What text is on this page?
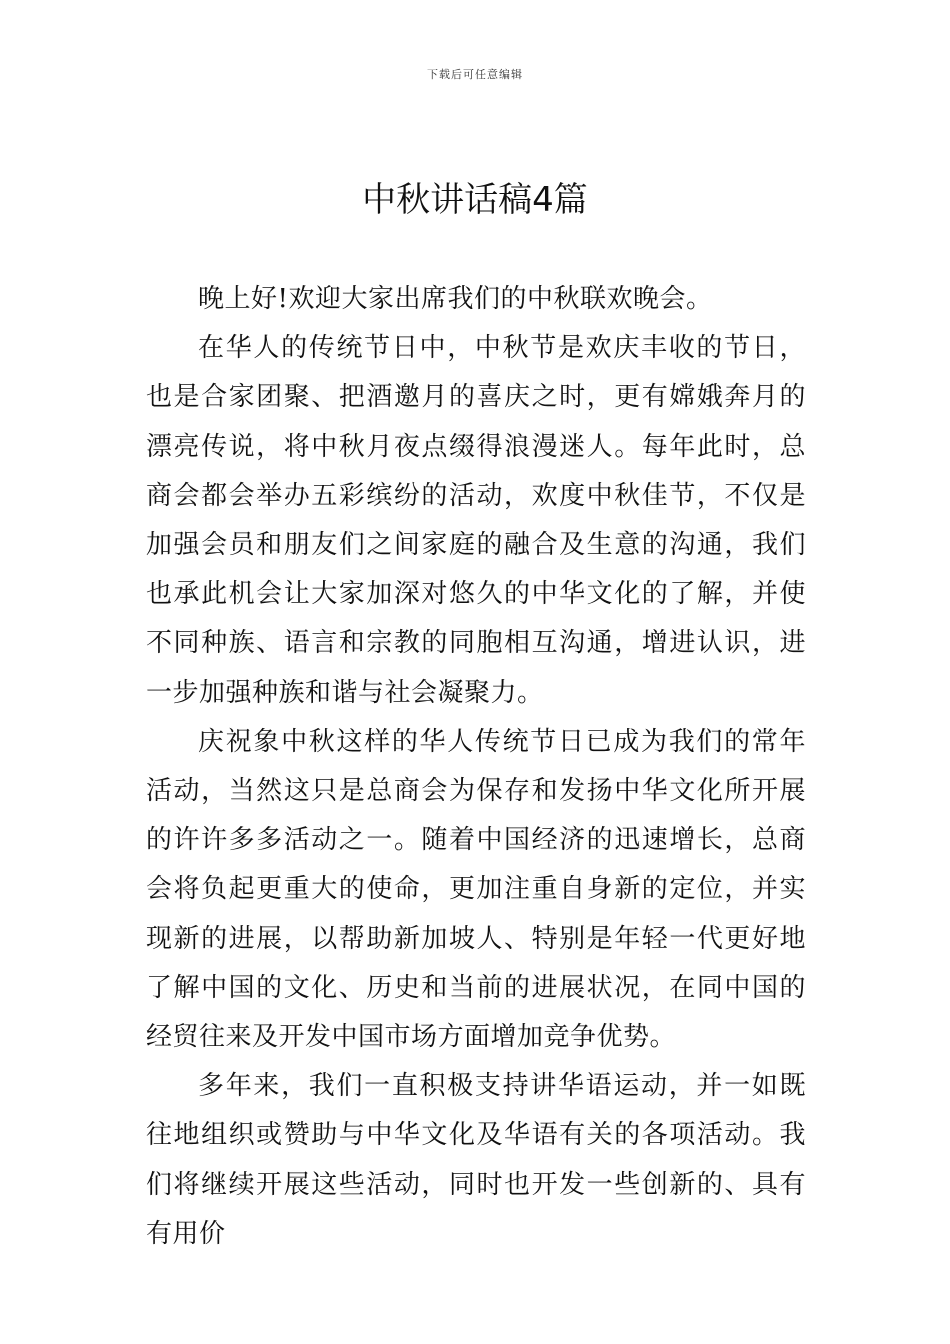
下载后可任意编辑
中秋讲话稿4篇

晚上好!欢迎大家出席我们的中秋联欢晚会。

在华人的传统节日中，中秋节是欢庆丰收的节日，也是合家团聚、把酒邀月的喜庆之时，更有嫦娥奔月的漂亮传说，将中秋月夜点缀得浪漫迷人。每年此时，总商会都会举办五彩缤纷的活动，欢度中秋佳节，不仅是加强会员和朋友们之间家庭的融合及生意的沟通，我们也承此机会让大家加深对悠久的中华文化的了解，并使不同种族、语言和宗教的同胞相互沟通，增进认识，进一步加强种族和谐与社会凝聚力。

庆祝象中秋这样的华人传统节日已成为我们的常年活动，当然这只是总商会为保存和发扬中华文化所开展的许许多多活动之一。随着中国经济的迅速增长，总商会将负起更重大的使命，更加注重自身新的定位，并实现新的进展，以帮助新加坡人、特别是年轻一代更好地了解中国的文化、历史和当前的进展状况，在同中国的经贸往来及开发中国市场方面增加竞争优势。

多年来，我们一直积极支持讲华语运动，并一如既往地组织或赞助与中华文化及华语有关的各项活动。我们将继续开展这些活动，同时也开发一些创新的、具有有用价
